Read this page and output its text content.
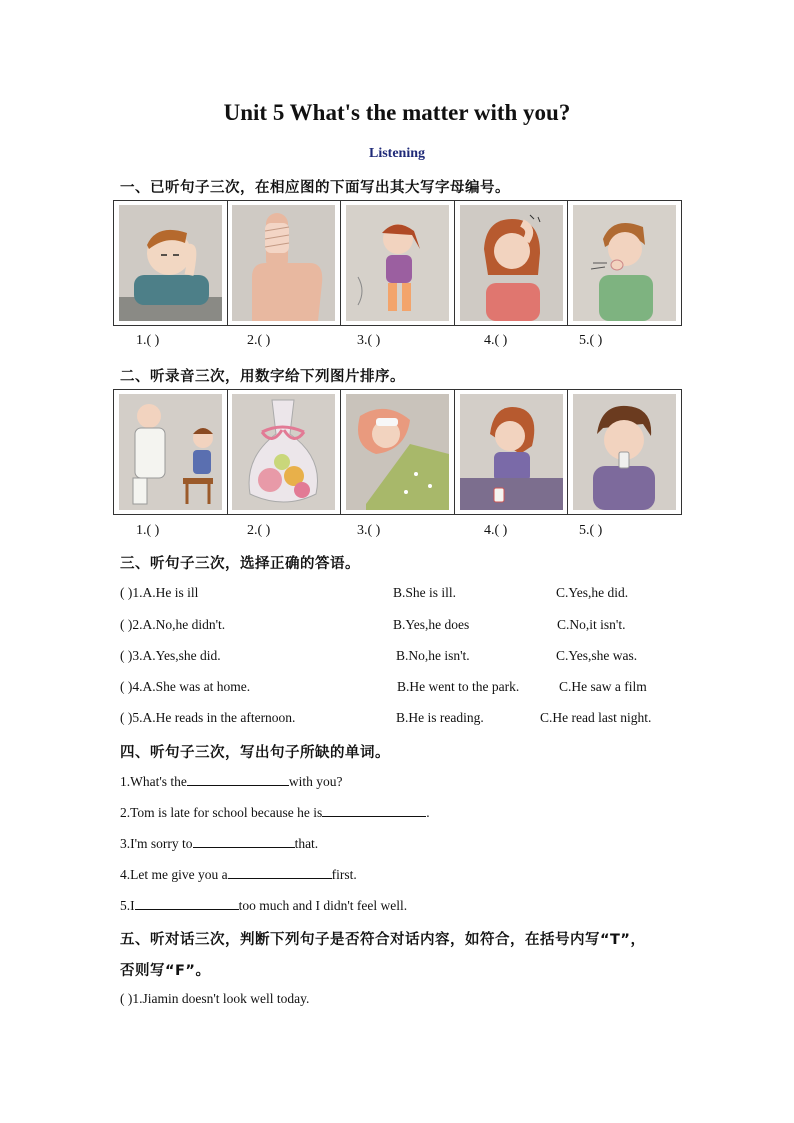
Unit 5 What's the matter with you?
Listening
一、已听句子三次，在相应图的下面写出其大写字母编号。
1.( )	2.( )	3.( )	4.( )	5.( )
二、听录音三次，用数字给下列图片排序。
1.( )	2.( )	3.( )	4.( )	5.( )
三、听句子三次，选择正确的答语。
( )1.A.He is ill	B.She is ill.	C.Yes,he did.
( )2.A.No,he didn't.	B.Yes,he does	C.No,it isn't.
( )3.A.Yes,she did.	B.No,he isn't.	C.Yes,she was.
( )4.A.She was at home.	B.He went to the park.	C.He saw a film
( )5.A.He reads in the afternoon.	B.He is reading.	C.He read last night.
四、听句子三次，写出句子所缺的单词。
1.What's the	with you?
2.Tom is late for school because he is	.
3.I'm sorry to	that.
4.Let me give you a	first.
5.I	too much and I didn't feel well.
五、听对话三次，判断下列句子是否符合对话内容，如符合，在括号内写“T”，
否则写“F”。
( )1.Jiamin doesn't look well today.
